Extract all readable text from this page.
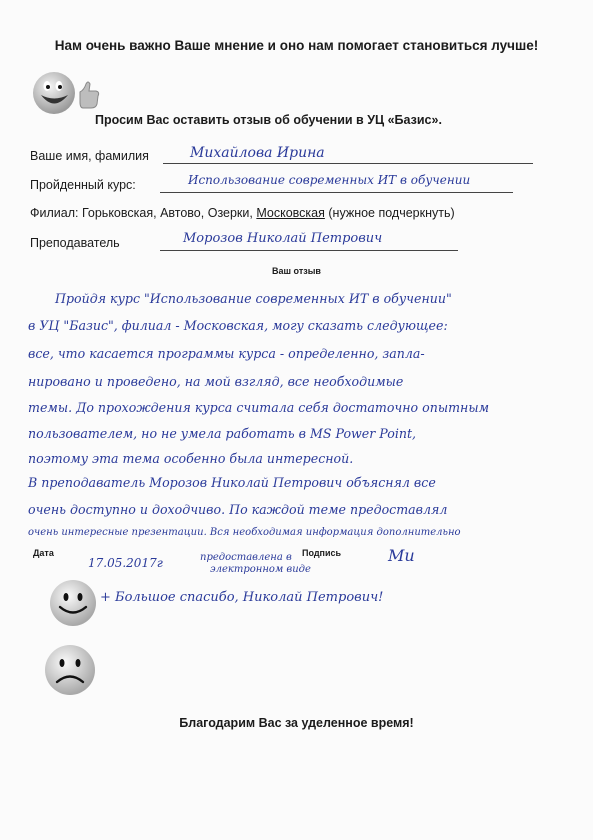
Нам очень важно Ваше мнение и оно нам помогает становиться лучше!
Просим Вас оставить отзыв об обучении в УЦ «Базис».
Ваше имя, фамилия	Михайлова Ирина
Пройденный курс:	Использование современных ИТ в обучении
Филиал: Горьковская, Автово, Озерки, Московская (нужное подчеркнуть)
Преподаватель	Морозов Николай Петрович
Ваш отзыв
Пройдя курс "Использование современных ИТ в обучении"
в УЦ "Базис", филиал - Московская, могу сказать следующее:
все, что касается программы курса - определенно, запла-
нировано и проведено, на мой взгляд, все необходимые
темы. До прохождения курса считала себя достаточно опытным
пользователем, но не умела работать в MS Power Point,
поэтому эта тема особенно была интересной.
В преподаватель Морозов Николай Петрович объяснял все
очень доступно и доходчиво. По каждой теме предоставлял
очень интересные презентации. Вся необходимая информация дополнительно
Дата
17.05.2017г	предоставлена в
электронном виде
Подпись	Mu
+ Большое спасибо, Николай Петрович!
Благодарим Вас за уделенное время!
